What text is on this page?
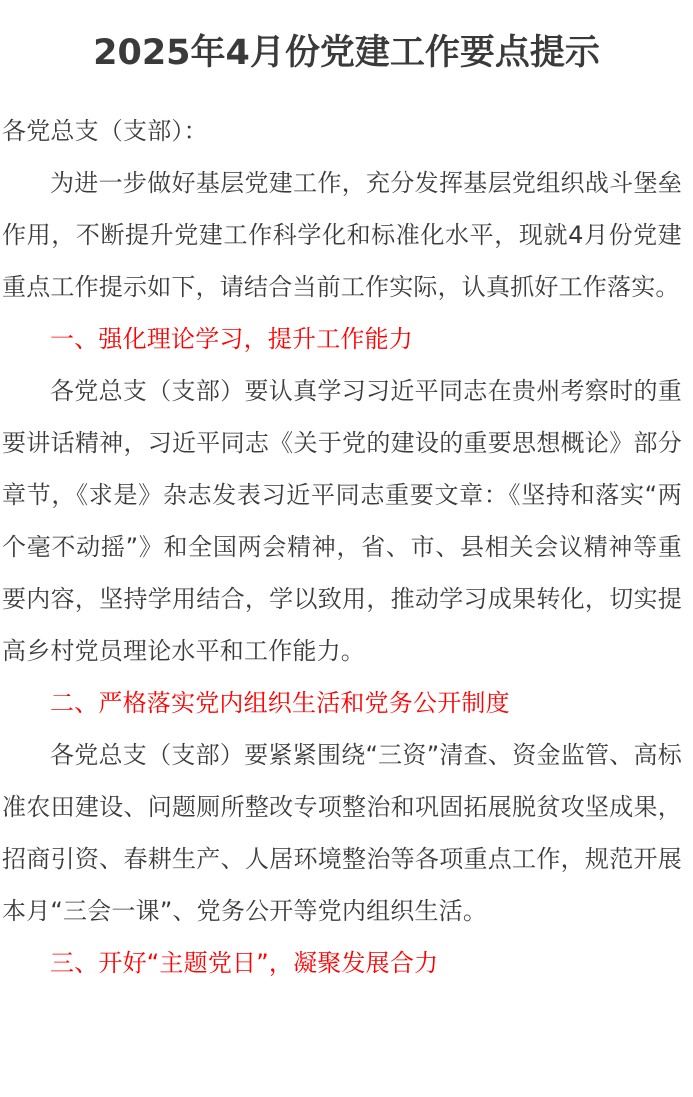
2025年4月份党建工作要点提示

各党总支（支部）：

为进一步做好基层党建工作，充分发挥基层党组织战斗堡垒作用，不断提升党建工作科学化和标准化水平，现就4月份党建重点工作提示如下，请结合当前工作实际，认真抓好工作落实。

一、强化理论学习，提升工作能力

各党总支（支部）要认真学习习近平同志在贵州考察时的重要讲话精神，习近平同志《关于党的建设的重要思想概论》部分章节，《求是》杂志发表习近平同志重要文章：《坚持和落实“两个毫不动摇”》和全国两会精神，省、市、县相关会议精神等重要内容，坚持学用结合，学以致用，推动学习成果转化，切实提高乡村党员理论水平和工作能力。

二、严格落实党内组织生活和党务公开制度

各党总支（支部）要紧紧围绕“三资”清查、资金监管、高标准农田建设、问题厕所整改专项整治和巩固拓展脱贫攻坚成果，招商引资、春耕生产、人居环境整治等各项重点工作，规范开展本月“三会一课”、党务公开等党内组织生活。

三、开好“主题党日”，凝聚发展合力
